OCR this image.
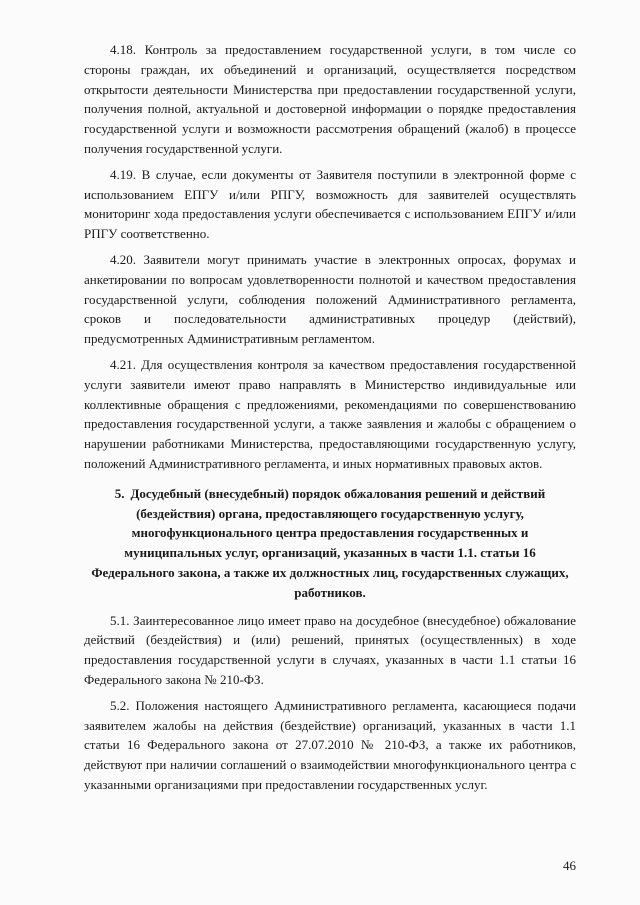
4.18. Контроль за предоставлением государственной услуги, в том числе со стороны граждан, их объединений и организаций, осуществляется посредством открытости деятельности Министерства при предоставлении государственной услуги, получения полной, актуальной и достоверной информации о порядке предоставления государственной услуги и возможности рассмотрения обращений (жалоб) в процессе получения государственной услуги.

4.19. В случае, если документы от Заявителя поступили в электронной форме с использованием ЕПГУ и/или РПГУ, возможность для заявителей осуществлять мониторинг хода предоставления услуги обеспечивается с использованием ЕПГУ и/или РПГУ соответственно.

4.20. Заявители могут принимать участие в электронных опросах, форумах и анкетировании по вопросам удовлетворенности полнотой и качеством предоставления государственной услуги, соблюдения положений Административного регламента, сроков и последовательности административных процедур (действий), предусмотренных Административным регламентом.

4.21. Для осуществления контроля за качеством предоставления государственной услуги заявители имеют право направлять в Министерство индивидуальные или коллективные обращения с предложениями, рекомендациями по совершенствованию предоставления государственной услуги, а также заявления и жалобы с обращением о нарушении работниками Министерства, предоставляющими государственную услугу, положений Административного регламента, и иных нормативных правовых актов.

5. Досудебный (внесудебный) порядок обжалования решений и действий (бездействия) органа, предоставляющего государственную услугу, многофункционального центра предоставления государственных и муниципальных услуг, организаций, указанных в части 1.1. статьи 16 Федерального закона, а также их должностных лиц, государственных служащих, работников.

5.1. Заинтересованное лицо имеет право на досудебное (внесудебное) обжалование действий (бездействия) и (или) решений, принятых (осуществленных) в ходе предоставления государственной услуги в случаях, указанных в части 1.1 статьи 16 Федерального закона № 210-ФЗ.

5.2. Положения настоящего Административного регламента, касающиеся подачи заявителем жалобы на действия (бездействие) организаций, указанных в части 1.1 статьи 16 Федерального закона от 27.07.2010 № 210-ФЗ, а также их работников, действуют при наличии соглашений о взаимодействии многофункционального центра с указанными организациями при предоставлении государственных услуг.

46
